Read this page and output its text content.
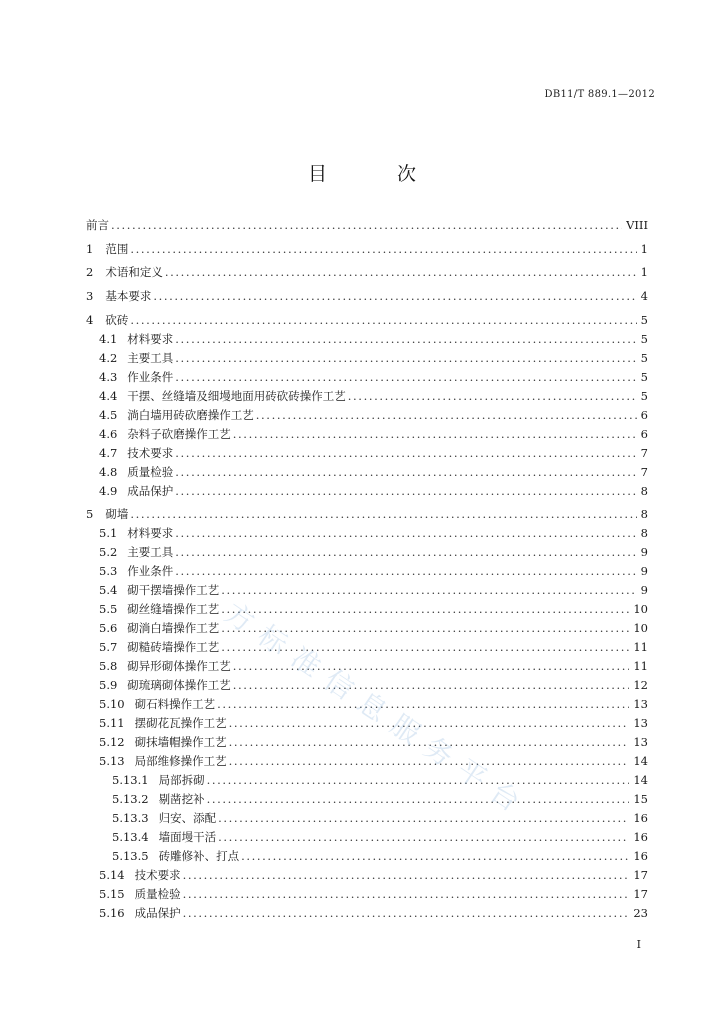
DB11/T 889.1—2012
目 次
前言 .....	VIII
1 范围 .....	1
2 术语和定义 .....	1
3 基本要求 .....	4
4 砍砖 .....	5
4.1 材料要求 .....	5
4.2 主要工具 .....	5
4.3 作业条件 .....	5
4.4 干摆、丝缝墙及细墁地面用砖砍砖操作工艺 .....	5
4.5 淌白墙用砖砍磨操作工艺 .....	6
4.6 杂料子砍磨操作工艺 .....	6
4.7 技术要求 .....	7
4.8 质量检验 .....	7
4.9 成品保护 .....	8
5 砌墙 .....	8
5.1 材料要求 .....	8
5.2 主要工具 .....	9
5.3 作业条件 .....	9
5.4 砌干摆墙操作工艺 .....	9
5.5 砌丝缝墙操作工艺 .....	10
5.6 砌淌白墙操作工艺 .....	10
5.7 砌糙砖墙操作工艺 .....	11
5.8 砌异形砌体操作工艺 .....	11
5.9 砌琉璃砌体操作工艺 .....	12
5.10 砌石料操作工艺 .....	13
5.11 摆砌花瓦操作工艺 .....	13
5.12 砌抹墙帽操作工艺 .....	13
5.13 局部维修操作工艺 .....	14
5.13.1 局部拆砌 .....	14
5.13.2 剔凿挖补 .....	15
5.13.3 归安、添配 .....	16
5.13.4 墙面墁干活 .....	16
5.13.5 砖雕修补、打点 .....	16
5.14 技术要求 .....	17
5.15 质量检验 .....	17
5.16 成品保护 .....	23
方标准信息服务平台
I
